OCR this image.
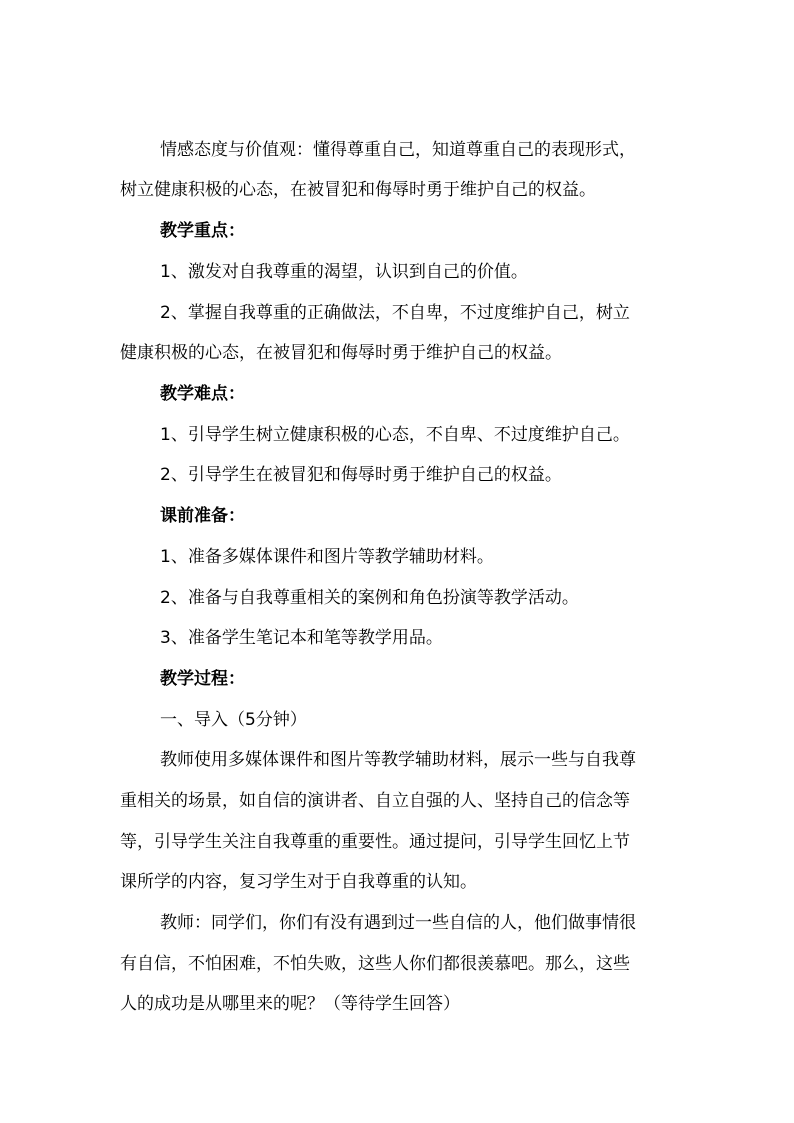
情感态度与价值观：懂得尊重自己，知道尊重自己的表现形式，
树立健康积极的心态，在被冒犯和侮辱时勇于维护自己的权益。
教学重点：
1、激发对自我尊重的渴望，认识到自己的价值。
2、掌握自我尊重的正确做法，不自卑，不过度维护自己，树立
健康积极的心态，在被冒犯和侮辱时勇于维护自己的权益。
教学难点：
1、引导学生树立健康积极的心态，不自卑、不过度维护自己。
2、引导学生在被冒犯和侮辱时勇于维护自己的权益。
课前准备：
1、准备多媒体课件和图片等教学辅助材料。
2、准备与自我尊重相关的案例和角色扮演等教学活动。
3、准备学生笔记本和笔等教学用品。
教学过程：
一、导入（5分钟）
教师使用多媒体课件和图片等教学辅助材料，展示一些与自我尊
重相关的场景，如自信的演讲者、自立自强的人、坚持自己的信念等
等，引导学生关注自我尊重的重要性。通过提问，引导学生回忆上节
课所学的内容，复习学生对于自我尊重的认知。
教师：同学们，你们有没有遇到过一些自信的人，他们做事情很
有自信，不怕困难，不怕失败，这些人你们都很羡慕吧。那么，这些
人的成功是从哪里来的呢？（等待学生回答）
